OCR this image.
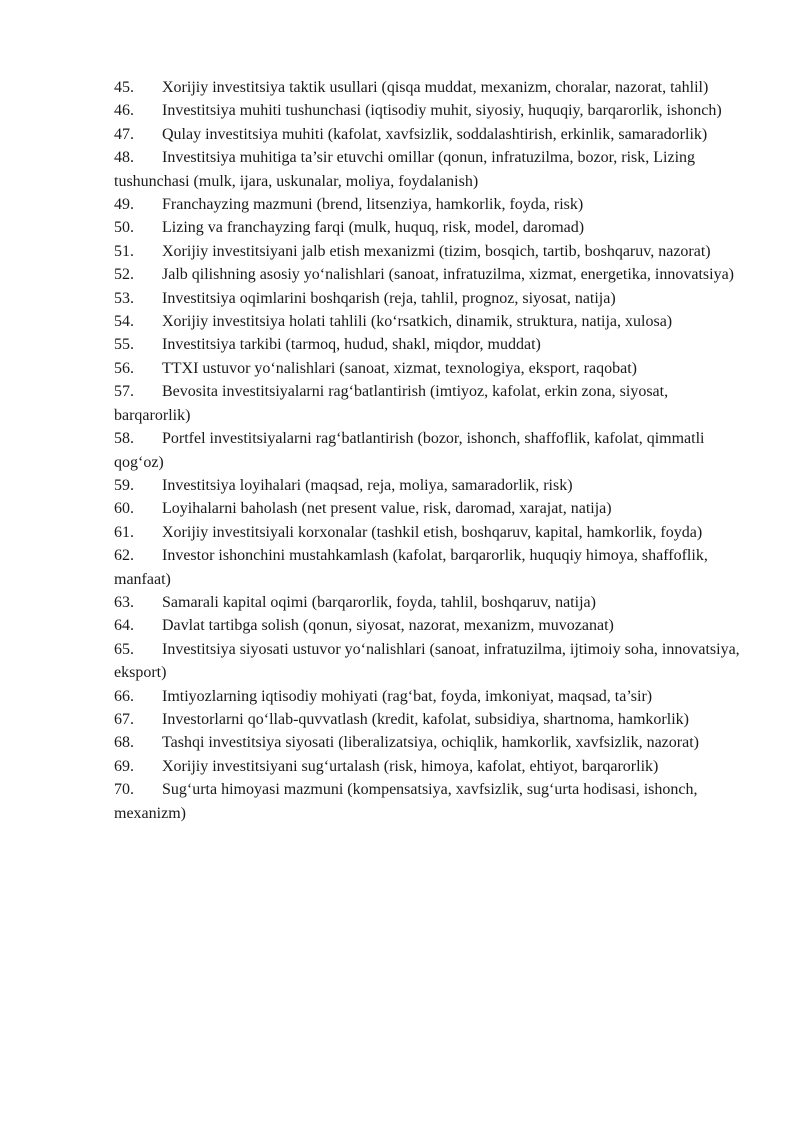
45. Xorijiy investitsiya taktik usullari (qisqa muddat, mexanizm, choralar, nazorat, tahlil)

46. Investitsiya muhiti tushunchasi (iqtisodiy muhit, siyosiy, huquqiy, barqarorlik, ishonch)

47. Qulay investitsiya muhiti (kafolat, xavfsizlik, soddalashtirish, erkinlik, samaradorlik)

48. Investitsiya muhitiga ta’sir etuvchi omillar (qonun, infratuzilma, bozor, risk, Lizing tushunchasi (mulk, ijara, uskunalar, moliya, foydalanish)

49. Franchayzing mazmuni (brend, litsenziya, hamkorlik, foyda, risk)

50. Lizing va franchayzing farqi (mulk, huquq, risk, model, daromad)

51. Xorijiy investitsiyani jalb etish mexanizmi (tizim, bosqich, tartib, boshqaruv, nazorat)

52. Jalb qilishning asosiy yo‘nalishlari (sanoat, infratuzilma, xizmat, energetika, innovatsiya)

53. Investitsiya oqimlarini boshqarish (reja, tahlil, prognoz, siyosat, natija)

54. Xorijiy investitsiya holati tahlili (ko‘rsatkich, dinamik, struktura, natija, xulosa)

55. Investitsiya tarkibi (tarmoq, hudud, shakl, miqdor, muddat)

56. TTXI ustuvor yo‘nalishlari (sanoat, xizmat, texnologiya, eksport, raqobat)

57. Bevosita investitsiyalarni rag‘batlantirish (imtiyoz, kafolat, erkin zona, siyosat, barqarorlik)

58. Portfel investitsiyalarni rag‘batlantirish (bozor, ishonch, shaffoflik, kafolat, qimmatli qog‘oz)

59. Investitsiya loyihalari (maqsad, reja, moliya, samaradorlik, risk)

60. Loyihalarni baholash (net present value, risk, daromad, xarajat, natija)

61. Xorijiy investitsiyali korxonalar (tashkil etish, boshqaruv, kapital, hamkorlik, foyda)

62. Investor ishonchini mustahkamlash (kafolat, barqarorlik, huquqiy himoya, shaffoflik, manfaat)

63. Samarali kapital oqimi (barqarorlik, foyda, tahlil, boshqaruv, natija)

64. Davlat tartibga solish (qonun, siyosat, nazorat, mexanizm, muvozanat)

65. Investitsiya siyosati ustuvor yo‘nalishlari (sanoat, infratuzilma, ijtimoiy soha, innovatsiya, eksport)

66. Imtiyozlarning iqtisodiy mohiyati (rag‘bat, foyda, imkoniyat, maqsad, ta’sir)

67. Investorlarni qo‘llab-quvvatlash (kredit, kafolat, subsidiya, shartnoma, hamkorlik)

68. Tashqi investitsiya siyosati (liberalizatsiya, ochiqlik, hamkorlik, xavfsizlik, nazorat)

69. Xorijiy investitsiyani sug‘urtalash (risk, himoya, kafolat, ehtiyot, barqarorlik)

70. Sug‘urta himoyasi mazmuni (kompensatsiya, xavfsizlik, sug‘urta hodisasi, ishonch, mexanizm)
